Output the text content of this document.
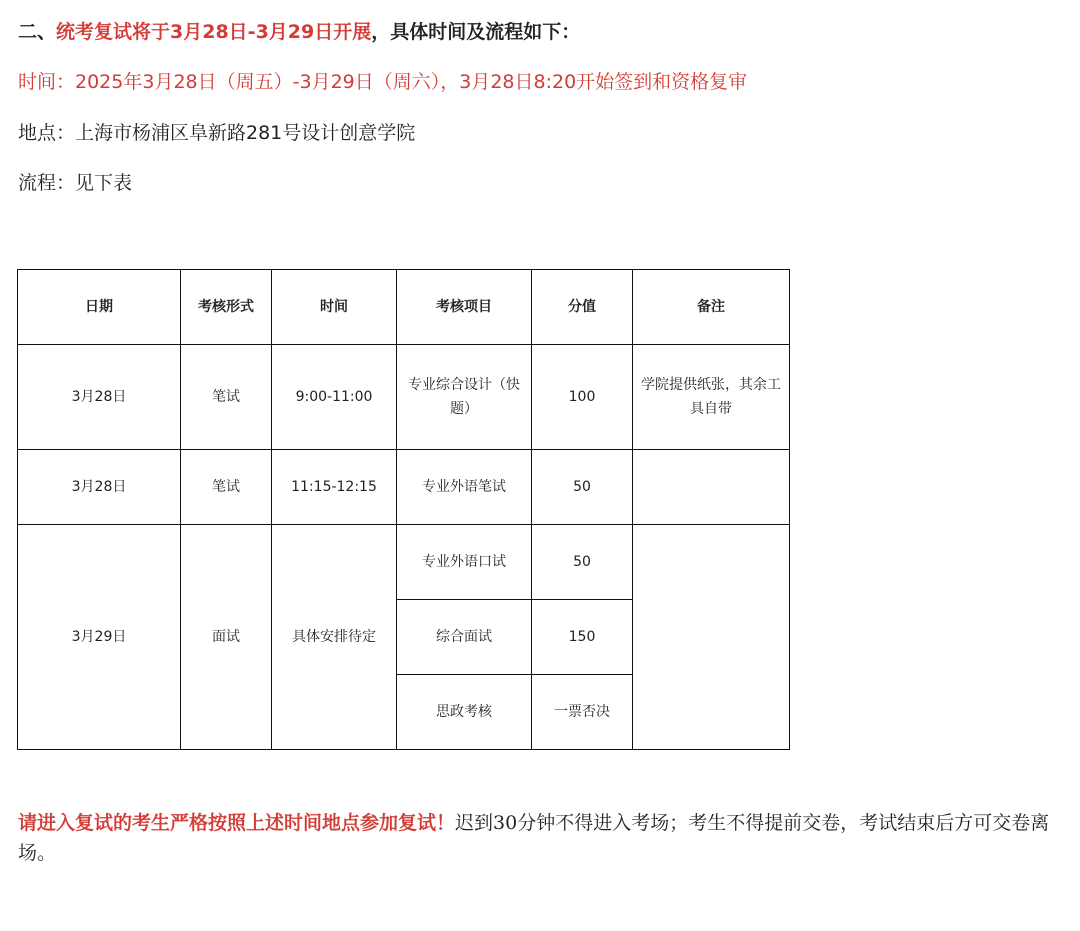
二、统考复试将于3月28日-3月29日开展，具体时间及流程如下：
时间：2025年3月28日（周五）-3月29日（周六），3月28日8:20开始签到和资格复审
地点：上海市杨浦区阜新路281号设计创意学院
流程：见下表
日期	考核形式	时间	考核项目	分值	备注
3月28日	笔试	9:00-11:00	专业综合设计（快题）	100	学院提供纸张，其余工具自带
3月28日	笔试	11:15-12:15	专业外语笔试	50	
3月29日	面试	具体安排待定	专业外语口试	50	
			综合面试	150	
			思政考核	一票否决	
请进入复试的考生严格按照上述时间地点参加复试！迟到30分钟不得进入考场；考生不得提前交卷，考试结束后方可交卷离场。
